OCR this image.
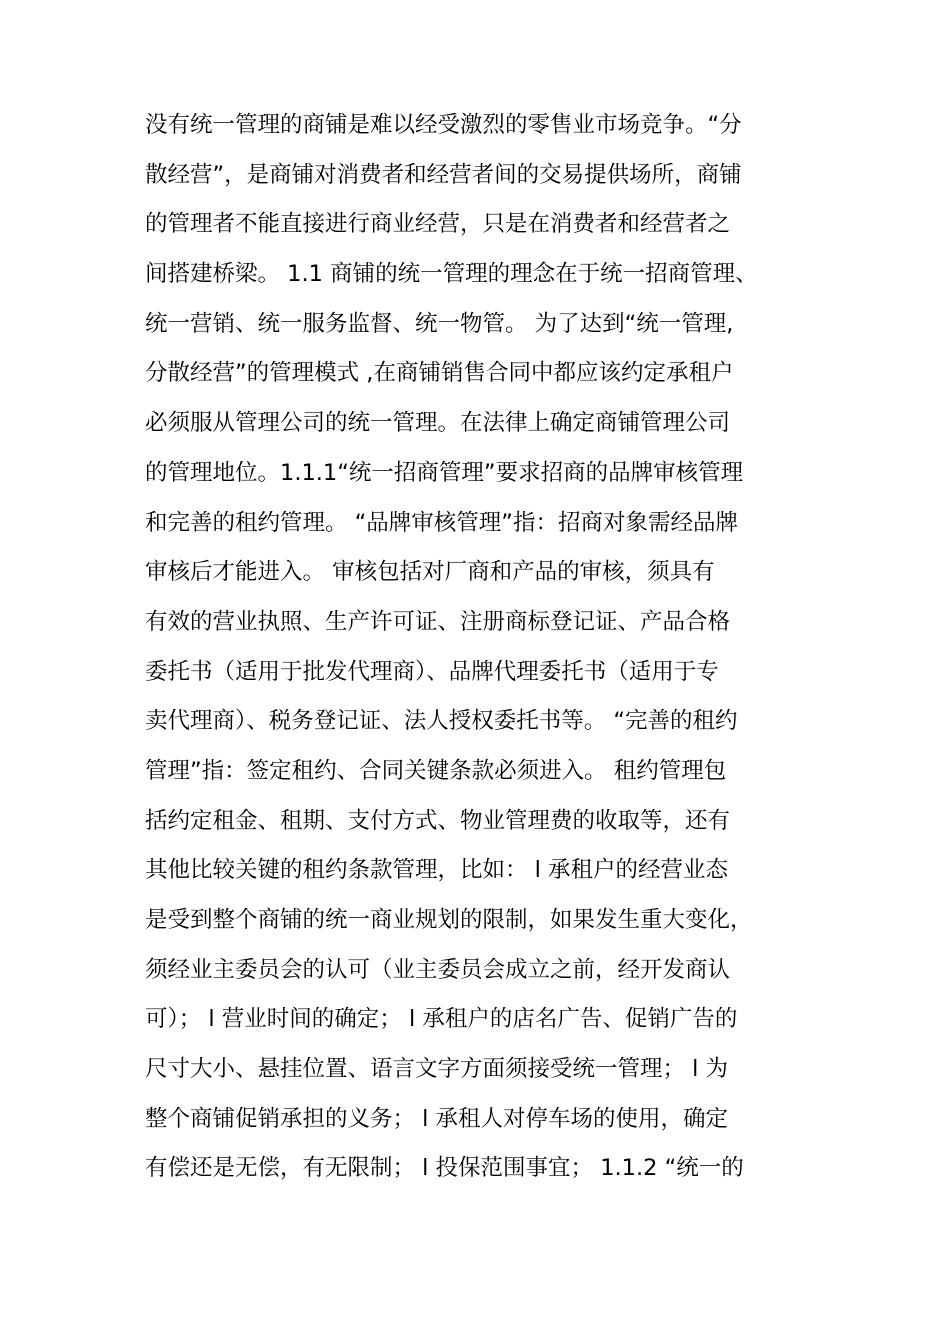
没有统一管理的商铺是难以经受激烈的零售业市场竞争。“分
散经营”，是商铺对消费者和经营者间的交易提供场所，商铺
的管理者不能直接进行商业经营，只是在消费者和经营者之
间搭建桥梁。 1.1 商铺的统一管理的理念在于统一招商管理、
统一营销、统一服务监督、统一物管。 为了达到“统一管理,
分散经营”的管理模式 ,在商铺销售合同中都应该约定承租户
必须服从管理公司的统一管理。在法律上确定商铺管理公司
的管理地位。1.1.1“统一招商管理”要求招商的品牌审核管理
和完善的租约管理。 “品牌审核管理”指：招商对象需经品牌
审核后才能进入。 审核包括对厂商和产品的审核，须具有
有效的营业执照、生产许可证、注册商标登记证、产品合格
委托书（适用于批发代理商）、品牌代理委托书（适用于专
卖代理商）、税务登记证、法人授权委托书等。 “完善的租约
管理”指：签定租约、合同关键条款必须进入。 租约管理包
括约定租金、租期、支付方式、物业管理费的收取等，还有
其他比较关键的租约条款管理，比如： l 承租户的经营业态
是受到整个商铺的统一商业规划的限制，如果发生重大变化，
须经业主委员会的认可（业主委员会成立之前，经开发商认
可）； l 营业时间的确定； l 承租户的店名广告、促销广告的
尺寸大小、悬挂位置、语言文字方面须接受统一管理； l 为
整个商铺促销承担的义务； l 承租人对停车场的使用，确定
有偿还是无偿，有无限制； l 投保范围事宜； 1.1.2 “统一的
